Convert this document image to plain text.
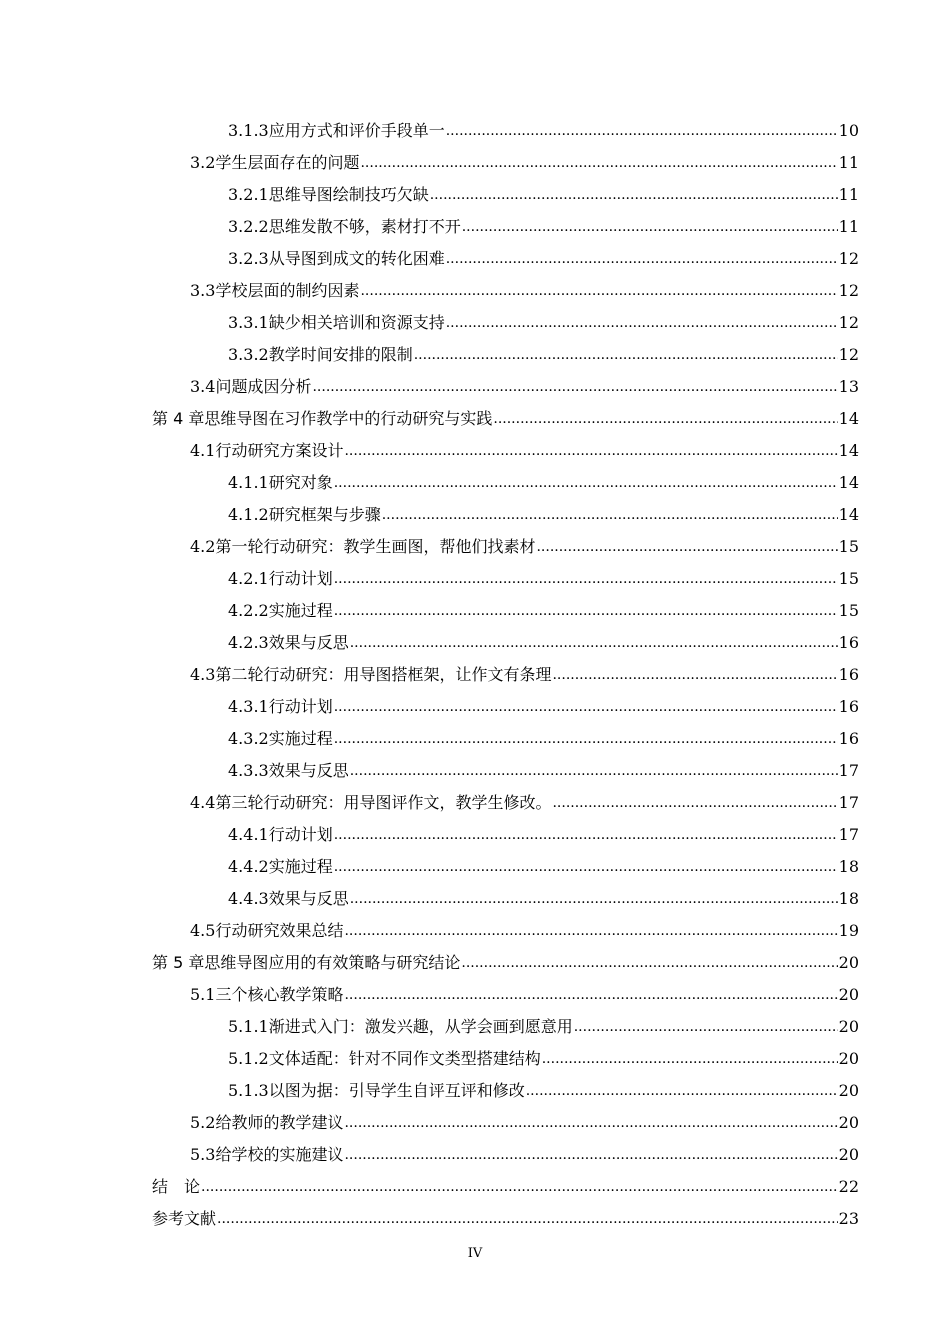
3.1.3 应用方式和评价手段单一 .....	10
3.2 学生层面存在的问题 .....	11
3.2.1 思维导图绘制技巧欠缺 .....	11
3.2.2 思维发散不够，素材打不开 .....	11
3.2.3 从导图到成文的转化困难 .....	12
3.3 学校层面的制约因素 .....	12
3.3.1 缺少相关培训和资源支持 .....	12
3.3.2 教学时间安排的限制 .....	12
3.4 问题成因分析 .....	13
第 4 章 思维导图在习作教学中的行动研究与实践 .....	14
4.1 行动研究方案设计 .....	14
4.1.1 研究对象 .....	14
4.1.2 研究框架与步骤 .....	14
4.2 第一轮行动研究：教学生画图，帮他们找素材 .....	15
4.2.1 行动计划 .....	15
4.2.2 实施过程 .....	15
4.2.3 效果与反思 .....	16
4.3 第二轮行动研究：用导图搭框架，让作文有条理 .....	16
4.3.1 行动计划 .....	16
4.3.2 实施过程 .....	16
4.3.3 效果与反思 .....	17
4.4 第三轮行动研究：用导图评作文，教学生修改。 .....	17
4.4.1 行动计划 .....	17
4.4.2 实施过程 .....	18
4.4.3 效果与反思 .....	18
4.5 行动研究效果总结 .....	19
第 5 章 思维导图应用的有效策略与研究结论 .....	20
5.1 三个核心教学策略 .....	20
5.1.1 渐进式入门：激发兴趣，从学会画到愿意用 .....	20
5.1.2 文体适配：针对不同作文类型搭建结构 .....	20
5.1.3 以图为据：引导学生自评互评和修改 .....	20
5.2 给教师的教学建议 .....	20
5.3 给学校的实施建议 .....	20
结　论 .....	22
参考文献 .....	23
IV
